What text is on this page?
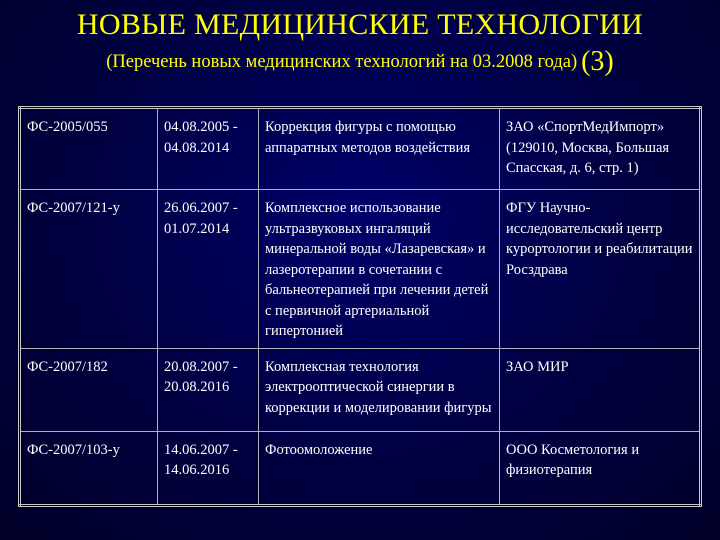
НОВЫЕ МЕДИЦИНСКИЕ ТЕХНОЛОГИИ
(Перечень новых медицинских технологий на 03.2008 года) (3)
ФС-2005/055	04.08.2005 - 04.08.2014	Коррекция фигуры с помощью аппаратных методов воздействия	ЗАО «СпортМедИмпорт» (129010, Москва, Большая Спасская, д. 6, стр. 1)
ФС-2007/121-у	26.06.2007 - 01.07.2014	Комплексное использование ультразвуковых ингаляций минеральной воды «Лазаревская» и лазеротерапии в сочетании с бальнеотерапией при лечении детей с первичной артериальной гипертонией	ФГУ Научно-исследовательский центр курортологии и реабилитации Росздрава
ФС-2007/182	20.08.2007 - 20.08.2016	Комплексная технология электрооптической синергии в коррекции и моделировании фигуры	ЗАО МИР
ФС-2007/103-у	14.06.2007 - 14.06.2016	Фотоомоложение	ООО Косметология и физиотерапия
